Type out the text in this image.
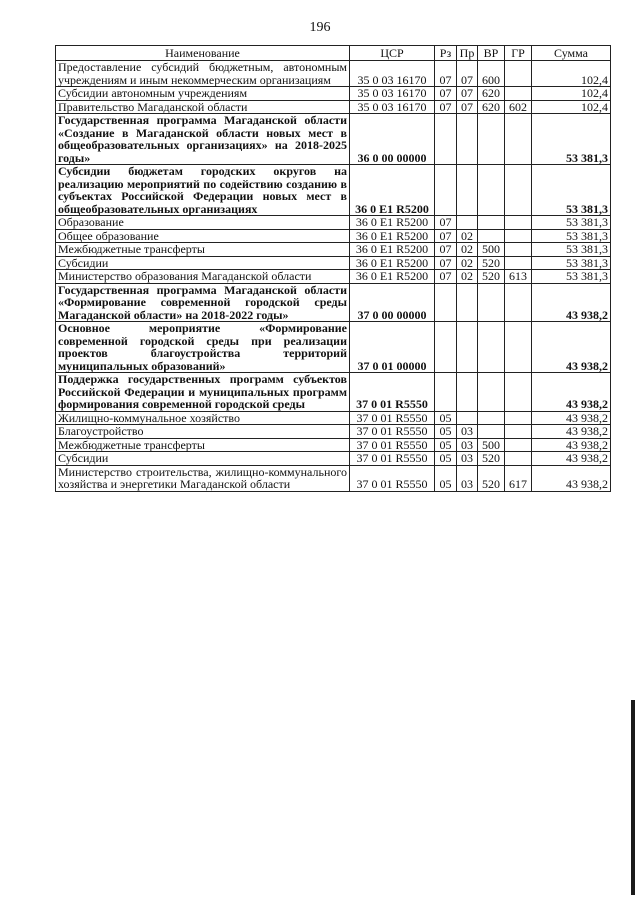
196
Наименование	ЦСР	Рз	Пр	ВР	ГР	Сумма
Предоставление субсидий бюджетным, автономным учреждениям и иным некоммерческим организациям	35 0 03 16170	07	07	600		102,4
Субсидии автономным учреждениям	35 0 03 16170	07	07	620		102,4
Правительство Магаданской области	35 0 03 16170	07	07	620	602	102,4
Государственная программа Магаданской области «Создание в Магаданской области новых мест в общеобразовательных организациях» на 2018-2025 годы»	36 0 00 00000					53 381,3
Субсидии бюджетам городских округов на реализацию мероприятий по содействию созданию в субъектах Российской Федерации новых мест в общеобразовательных организациях	36 0 E1 R5200					53 381,3
Образование	36 0 E1 R5200	07				53 381,3
Общее образование	36 0 E1 R5200	07	02			53 381,3
Межбюджетные трансферты	36 0 E1 R5200	07	02	500		53 381,3
Субсидии	36 0 E1 R5200	07	02	520		53 381,3
Министерство образования Магаданской области	36 0 E1 R5200	07	02	520	613	53 381,3
Государственная программа Магаданской области «Формирование современной городской среды Магаданской области» на 2018-2022 годы»	37 0 00 00000					43 938,2
Основное мероприятие «Формирование современной городской среды при реализации проектов благоустройства территорий муниципальных образований»	37 0 01 00000					43 938,2
Поддержка государственных программ субъектов Российской Федерации и муниципальных программ формирования современной городской среды	37 0 01 R5550					43 938,2
Жилищно-коммунальное хозяйство	37 0 01 R5550	05				43 938,2
Благоустройство	37 0 01 R5550	05	03			43 938,2
Межбюджетные трансферты	37 0 01 R5550	05	03	500		43 938,2
Субсидии	37 0 01 R5550	05	03	520		43 938,2
Министерство строительства, жилищно-коммунального хозяйства и энергетики Магаданской области	37 0 01 R5550	05	03	520	617	43 938,2
